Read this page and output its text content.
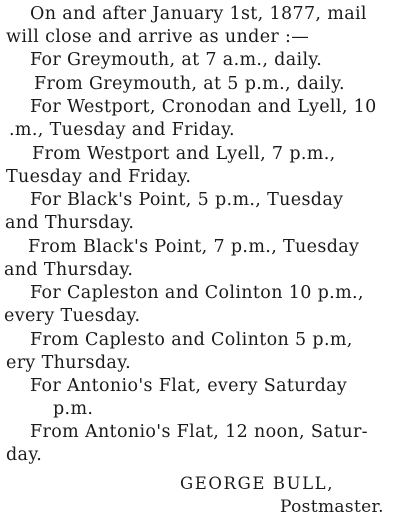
On and after January 1st, 1877, mail
will close and arrive as under :—
For Greymouth, at 7 a.m., daily.
From Greymouth, at 5 p.m., daily.
For Westport, Cronodan and Lyell, 10
.m., Tuesday and Friday.
From Westport and Lyell, 7 p.m.,
Tuesday and Friday.
For Black's Point, 5 p.m., Tuesday
and Thursday.
From Black's Point, 7 p.m., Tuesday
and Thursday.
For Capleston and Colinton 10 p.m.,
every Tuesday.
From Caplesto and Colinton 5 p.m,
ery Thursday.
For Antonio's Flat, every Saturday
p.m.
From Antonio's Flat, 12 noon, Satur-
day.
GEORGE BULL,
Postmaster.
